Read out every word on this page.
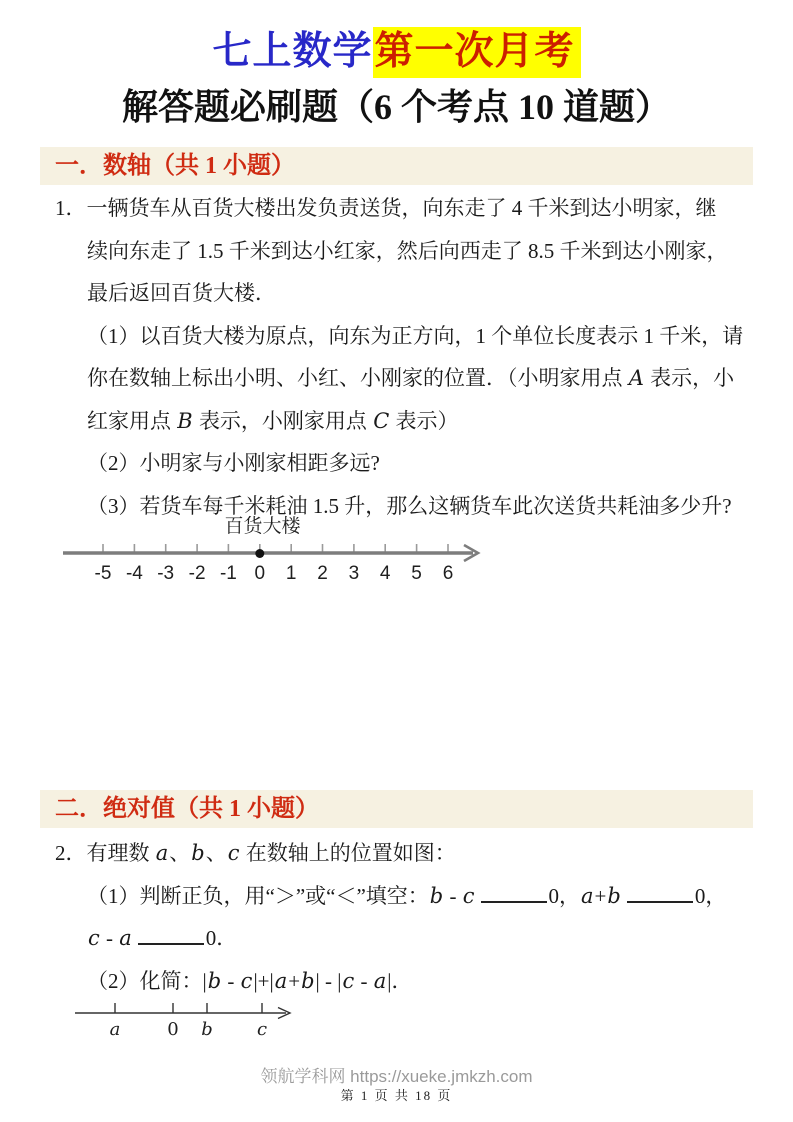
七上数学第一次月考
解答题必刷题（6 个考点 10 道题）
一．数轴（共 1 小题）
1．一辆货车从百货大楼出发负责送货，向东走了 4 千米到达小明家，继
续向东走了 1.5 千米到达小红家，然后向西走了 8.5 千米到达小刚家，
最后返回百货大楼．
（1）以百货大楼为原点，向东为正方向，1 个单位长度表示 1 千米，请
你在数轴上标出小明、小红、小刚家的位置．（小明家用点 A 表示，小
红家用点 B 表示，小刚家用点 C 表示）
（2）小明家与小刚家相距多远?
（3）若货车每千米耗油 1.5 升，那么这辆货车此次送货共耗油多少升?
百货大楼
-5 -4 -3 -2 -1 0 1 2 3 4 5 6
二．绝对值（共 1 小题）
2．有理数 a、b、c 在数轴上的位置如图：
（1）判断正负，用“＞”或“＜”填空：b - c	0，a+b	0，
c - a	0．
（2）化简：|b - c|+|a+b| - |c - a|．
a	0 b c
领航学科网 https://xueke.jmkzh.com
第 1 页 共 18 页
